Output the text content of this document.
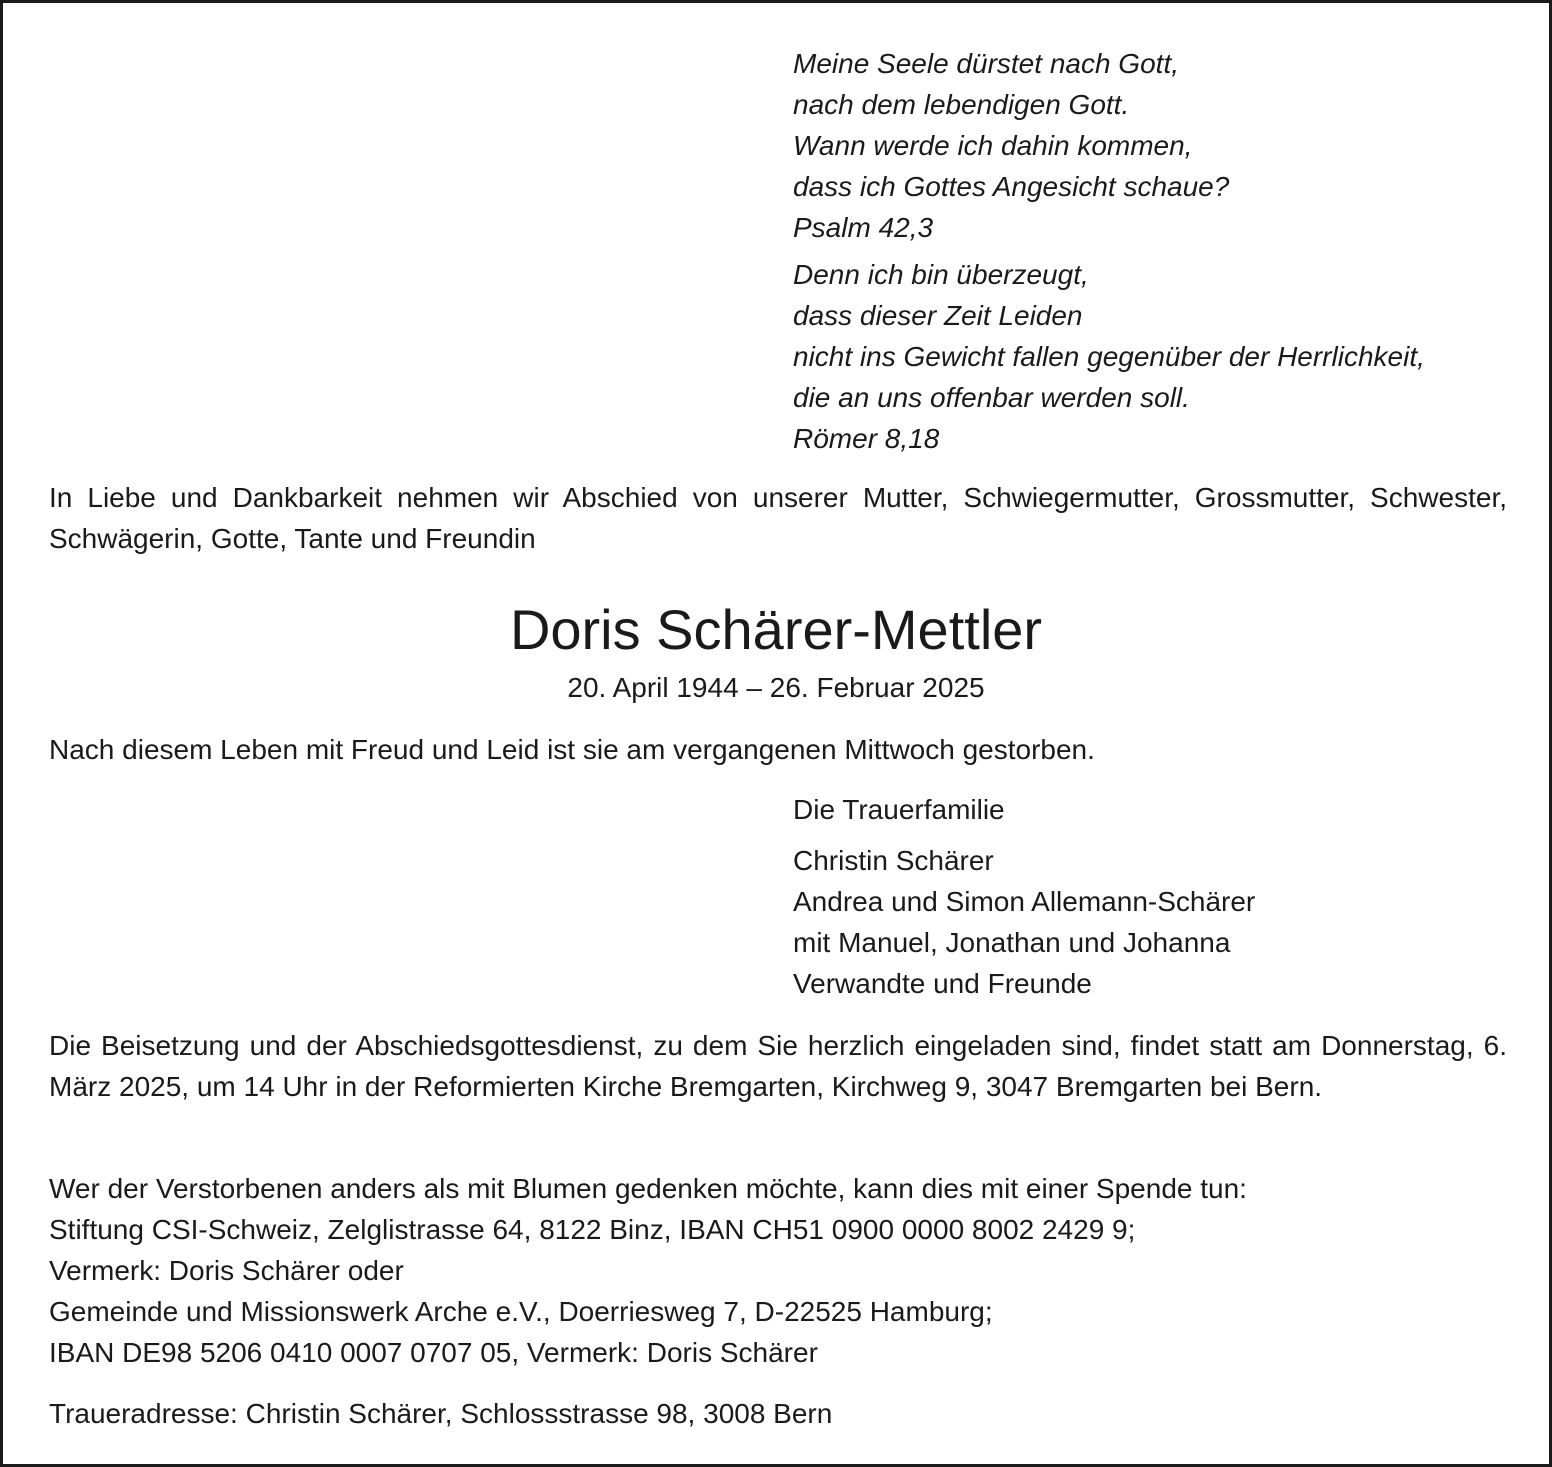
Meine Seele dürstet nach Gott,
nach dem lebendigen Gott.
Wann werde ich dahin kommen,
dass ich Gottes Angesicht schaue?
Psalm 42,3
Denn ich bin überzeugt,
dass dieser Zeit Leiden
nicht ins Gewicht fallen gegenüber der Herrlichkeit,
die an uns offenbar werden soll.
Römer 8,18
In Liebe und Dankbarkeit nehmen wir Abschied von unserer Mutter, Schwiegermutter, Grossmutter, Schwester, Schwägerin, Gotte, Tante und Freundin
Doris Schärer-Mettler
20. April 1944 – 26. Februar 2025
Nach diesem Leben mit Freud und Leid ist sie am vergangenen Mittwoch gestorben.
Die Trauerfamilie
Christin Schärer
Andrea und Simon Allemann-Schärer
mit Manuel, Jonathan und Johanna
Verwandte und Freunde
Die Beisetzung und der Abschiedsgottesdienst, zu dem Sie herzlich eingeladen sind, findet statt am Donnerstag, 6. März 2025, um 14 Uhr in der Reformierten Kirche Bremgarten, Kirchweg 9, 3047 Bremgarten bei Bern.
Wer der Verstorbenen anders als mit Blumen gedenken möchte, kann dies mit einer Spende tun:
Stiftung CSI-Schweiz, Zelglistrasse 64, 8122 Binz, IBAN CH51 0900 0000 8002 2429 9;
Vermerk: Doris Schärer oder
Gemeinde und Missionswerk Arche e.V., Doerriesweg 7, D-22525 Hamburg;
IBAN DE98 5206 0410 0007 0707 05, Vermerk: Doris Schärer
Traueradresse: Christin Schärer, Schlossstrasse 98, 3008 Bern
